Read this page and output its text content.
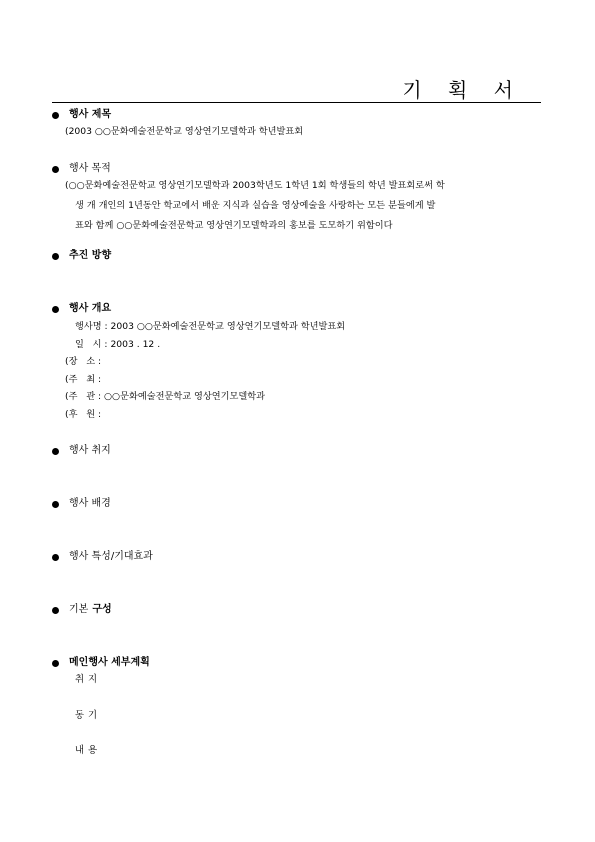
기 획 서
행사 제목
(2003 ○○문화예술전문학교 영상연기모델학과 학년발표회
행사 목적
(○○문화예술전문학교 영상연기모델학과 2003학년도 1학년 1회 학생들의 학년 발표회로써 학
생 개 개인의 1년동안 학교에서 배운 지식과 실습을 영상예술을 사랑하는 모든 분들에게 발
표와 함께 ○○문화예술전문학교 영상연기모델학과의 홍보를 도모하기 위함이다
추진 방향
행사 개요
행사명 : 2003 ○○문화예술전문학교 영상연기모델학과 학년발표회
일   시 : 2003 . 12 .
(장   소 :
(주   최 :
(주   관 : ○○문화예술전문학교 영상연기모델학과
(후   원 :
행사 취지
행사 배경
행사 특성/기대효과
기본 구성
메인행사 세부계획
취지
동기
내용
